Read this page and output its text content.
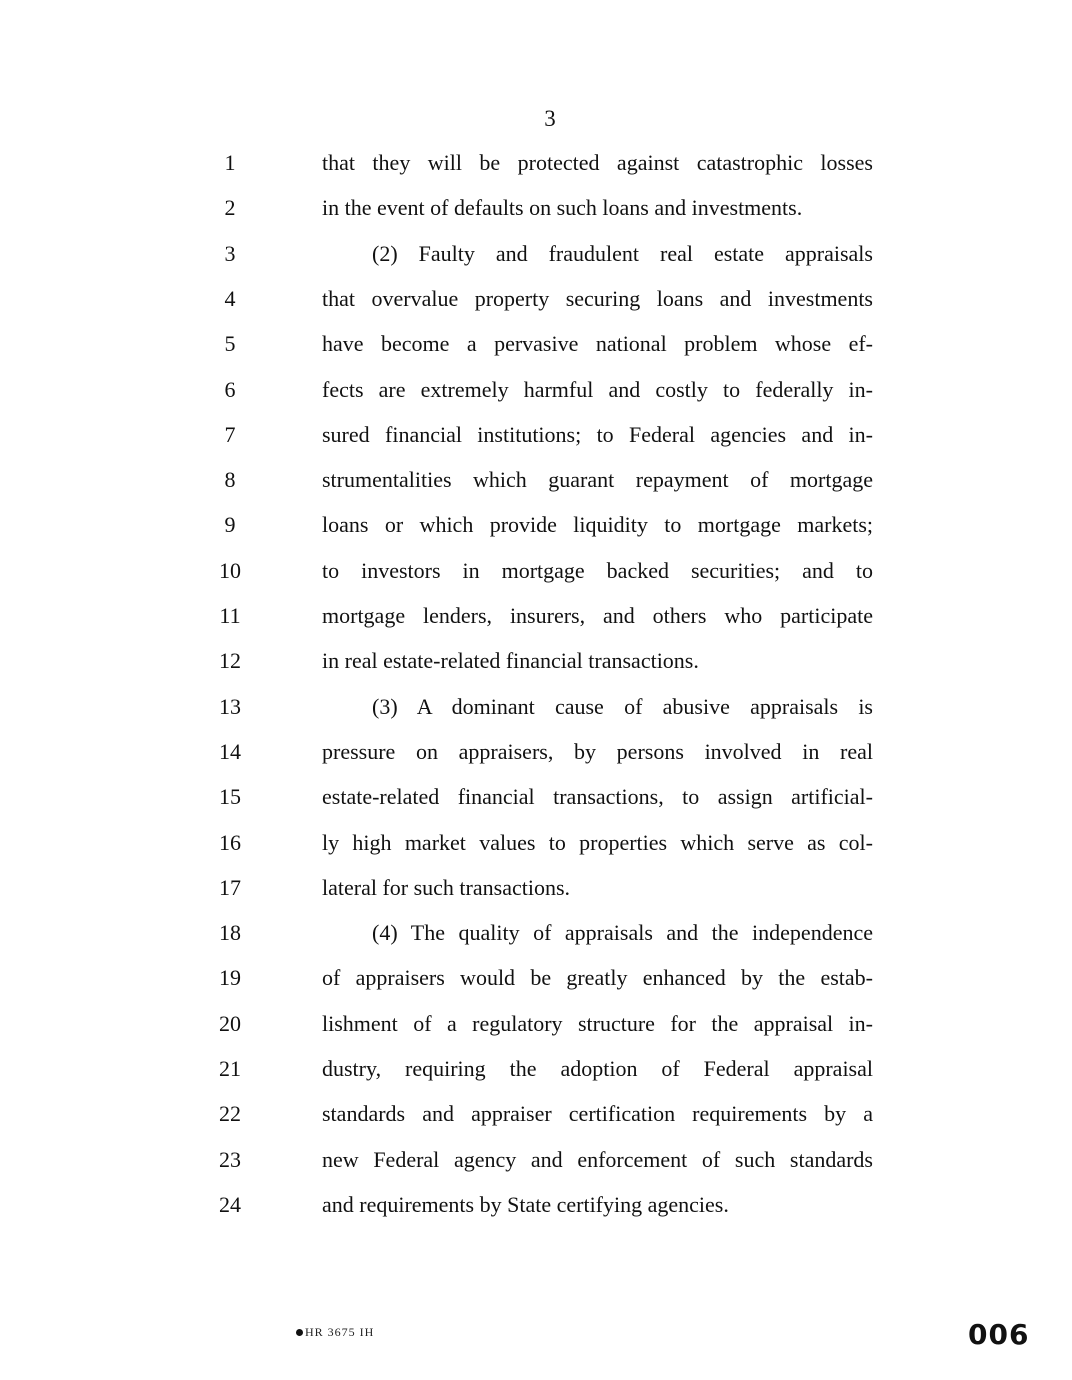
3
1	that they will be protected against catastrophic losses
2	in the event of defaults on such loans and investments.
3	(2) Faulty and fraudulent real estate appraisals
4	that overvalue property securing loans and investments
5	have become a pervasive national problem whose ef-
6	fects are extremely harmful and costly to federally in-
7	sured financial institutions; to Federal agencies and in-
8	strumentalities which guarant repayment of mortgage
9	loans or which provide liquidity to mortgage markets;
10	to investors in mortgage backed securities; and to
11	mortgage lenders, insurers, and others who participate
12	in real estate-related financial transactions.
13	(3) A dominant cause of abusive appraisals is
14	pressure on appraisers, by persons involved in real
15	estate-related financial transactions, to assign artificial-
16	ly high market values to properties which serve as col-
17	lateral for such transactions.
18	(4) The quality of appraisals and the independence
19	of appraisers would be greatly enhanced by the estab-
20	lishment of a regulatory structure for the appraisal in-
21	dustry, requiring the adoption of Federal appraisal
22	standards and appraiser certification requirements by a
23	new Federal agency and enforcement of such standards
24	and requirements by State certifying agencies.
HR 3675 IH	006
